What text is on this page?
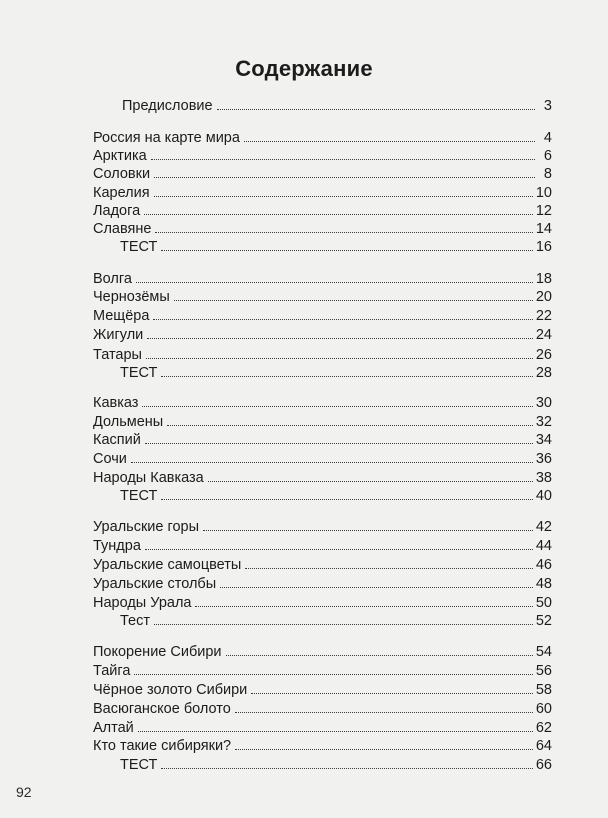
Содержание
Предисловие	3
Россия на карте мира	4
Арктика	6
Соловки	8
Карелия	10
Ладога	12
Славяне	14
ТЕСТ	16
Волга	18
Чернозёмы	20
Мещёра	22
Жигули	24
Татары	26
ТЕСТ	28
Кавказ	30
Дольмены	32
Каспий	34
Сочи	36
Народы Кавказа	38
ТЕСТ	40
Уральские горы	42
Тундра	44
Уральские самоцветы	46
Уральские столбы	48
Народы Урала	50
Тест	52
Покорение Сибири	54
Тайга	56
Чёрное золото Сибири	58
Васюганское болото	60
Алтай	62
Кто такие сибиряки?	64
ТЕСТ	66
92
